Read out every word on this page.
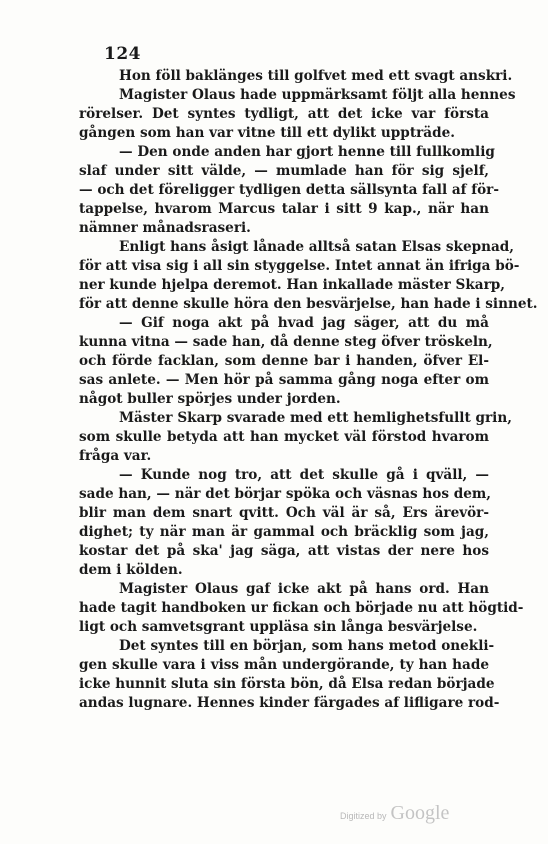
124
Hon föll baklänges till golfvet med ett svagt anskri.
Magister Olaus hade uppmärksamt följt alla hennes
rörelser. Det syntes tydligt, att det icke var första
gången som han var vitne till ett dylikt uppträde.
— Den onde anden har gjort henne till fullkomlig
slaf under sitt välde, — mumlade han för sig sjelf,
— och det föreligger tydligen detta sällsynta fall af för-
tappelse, hvarom Marcus talar i sitt 9 kap., när han
nämner månadsraseri.
Enligt hans åsigt lånade alltså satan Elsas skepnad,
för att visa sig i all sin styggelse. Intet annat än ifriga bö-
ner kunde hjelpa deremot. Han inkallade mäster Skarp,
för att denne skulle höra den besvärjelse, han hade i sinnet.
— Gif noga akt på hvad jag säger, att du må
kunna vitna — sade han, då denne steg öfver tröskeln,
och förde facklan, som denne bar i handen, öfver El-
sas anlete. — Men hör på samma gång noga efter om
något buller spörjes under jorden.
Mäster Skarp svarade med ett hemlighetsfullt grin,
som skulle betyda att han mycket väl förstod hvarom
fråga var.
— Kunde nog tro, att det skulle gå i qväll, —
sade han, — när det börjar spöka och väsnas hos dem,
blir man dem snart qvitt. Och väl är så, Ers ärevör-
dighet; ty när man är gammal och bräcklig som jag,
kostar det på ska' jag säga, att vistas der nere hos
dem i kölden.
Magister Olaus gaf icke akt på hans ord. Han
hade tagit handboken ur fickan och började nu att högtid-
ligt och samvetsgrant uppläsa sin långa besvärjelse.
Det syntes till en början, som hans metod onekli-
gen skulle vara i viss mån undergörande, ty han hade
icke hunnit sluta sin första bön, då Elsa redan började
andas lugnare. Hennes kinder färgades af lifligare rod-
Digitized by Google
